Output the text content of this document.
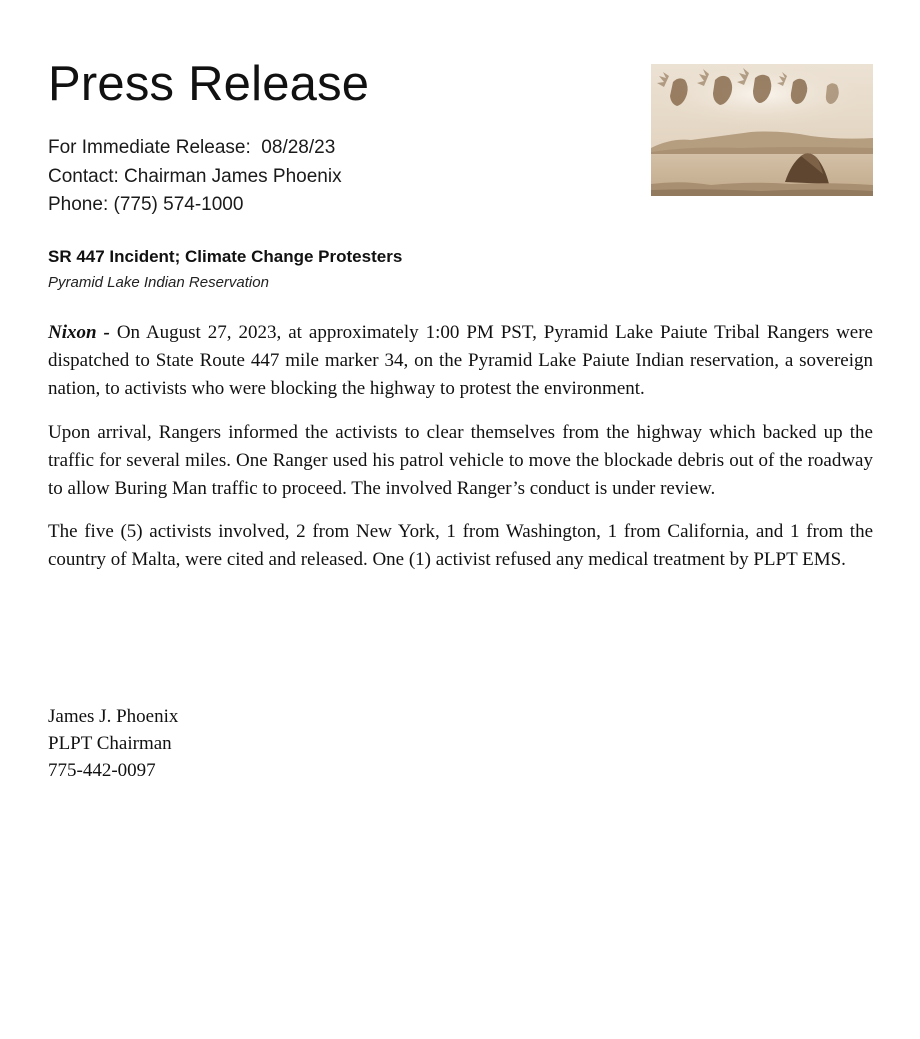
Press Release
For Immediate Release:  08/28/23
Contact: Chairman James Phoenix
Phone: (775) 574-1000
SR 447 Incident; Climate Change Protesters
Pyramid Lake Indian Reservation

Nixon - On August 27, 2023, at approximately 1:00 PM PST, Pyramid Lake Paiute Tribal Rangers were dispatched to State Route 447 mile marker 34, on the Pyramid Lake Paiute Indian reservation, a sovereign nation, to activists who were blocking the highway to protest the environment.

Upon arrival, Rangers informed the activists to clear themselves from the highway which backed up the traffic for several miles. One Ranger used his patrol vehicle to move the blockade debris out of the roadway to allow Buring Man traffic to proceed. The involved Ranger’s conduct is under review.

The five (5) activists involved, 2 from New York, 1 from Washington, 1 from California, and 1 from the country of Malta, were cited and released. One (1) activist refused any medical treatment by PLPT EMS.

James J. Phoenix
PLPT Chairman
775-442-0097
